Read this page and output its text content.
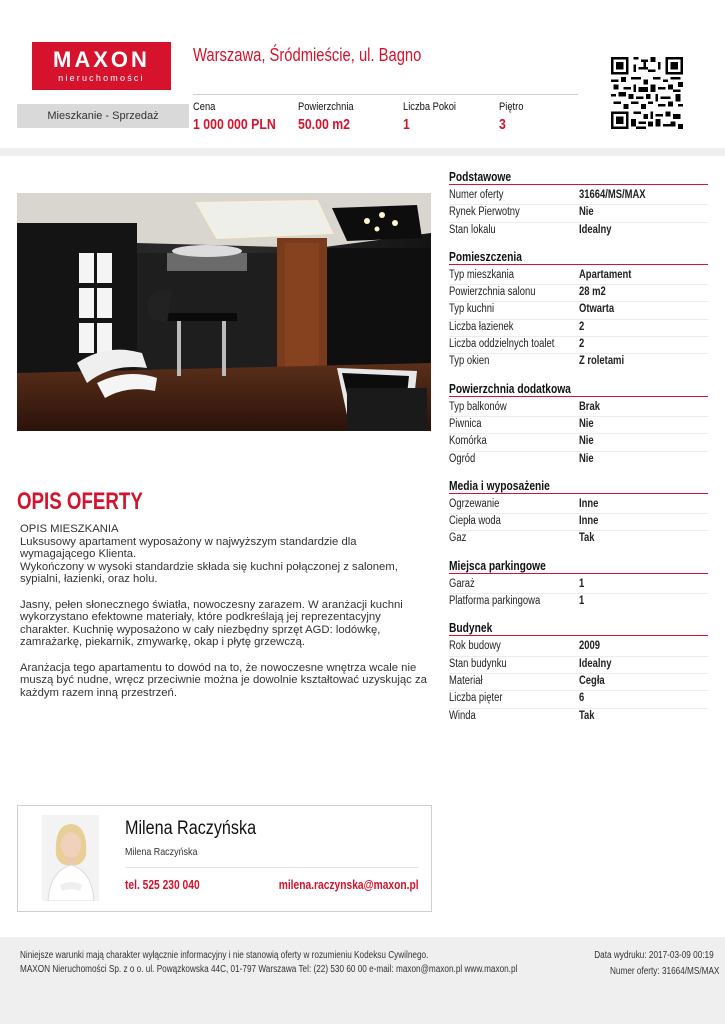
MAXON
nieruchomości
Warszawa, Śródmieście, ul. Bagno
Mieszkanie - Sprzedaż
Cena
1 000 000 PLN
Powierzchnia
50.00 m2
Liczba Pokoi
1
Piętro
3
Podstawowe
Numer oferty	31664/MS/MAX
Rynek Pierwotny	Nie
Stan lokalu	Idealny
Pomieszczenia
Typ mieszkania	Apartament
Powierzchnia salonu	28 m2
Typ kuchni	Otwarta
Liczba łazienek	2
Liczba oddzielnych toalet 2
Typ okien	Z roletami
Powierzchnia dodatkowa
Typ balkonów	Brak
Piwnica	Nie
Komórka	Nie
Ogród	Nie
Media i wyposażenie
Ogrzewanie	Inne
Ciepła woda	Inne
Gaz	Tak
Miejsca parkingowe
Garaż	1
Platforma parkingowa	1
Budynek
Rok budowy	2009
Stan budynku	Idealny
Materiał	Cegła
Liczba pięter	6
Winda	Tak
OPIS OFERTY

OPIS MIESZKANIA
Luksusowy apartament wyposażony w najwyższym standardzie dla wymagającego Klienta.
Wykończony w wysoki standardzie składa się kuchni połączonej z salonem, sypialni, łazienki, oraz holu.

Jasny, pełen słonecznego światła, nowoczesny zarazem. W aranżacji kuchni wykorzystano efektowne materiały, które podkreślają jej reprezentacyjny charakter. Kuchnię wyposażono w cały niezbędny sprzęt AGD: lodówkę, zamrażarkę, piekarnik, zmywarkę, okap i płytę grzewczą.

Aranżacja tego apartamentu to dowód na to, że nowoczesne wnętrza wcale nie muszą być nudne, wręcz przeciwnie można je dowolnie kształtować uzyskując za każdym razem inną przestrzeń.

Milena Raczyńska
Milena Raczyńska
tel. 525 230 040	milena.raczynska@maxon.pl
Niniejsze warunki mają charakter wyłącznie informacyjny i nie stanowią oferty w rozumieniu Kodeksu Cywilnego.
MAXON Nieruchomości Sp. z o o. ul. Powązkowska 44C, 01-797 Warszawa Tel: (22) 530 60 00 e-mail: maxon@maxon.pl www.maxon.pl
Data wydruku: 2017-03-09 00:19
Numer oferty: 31664/MS/MAX
